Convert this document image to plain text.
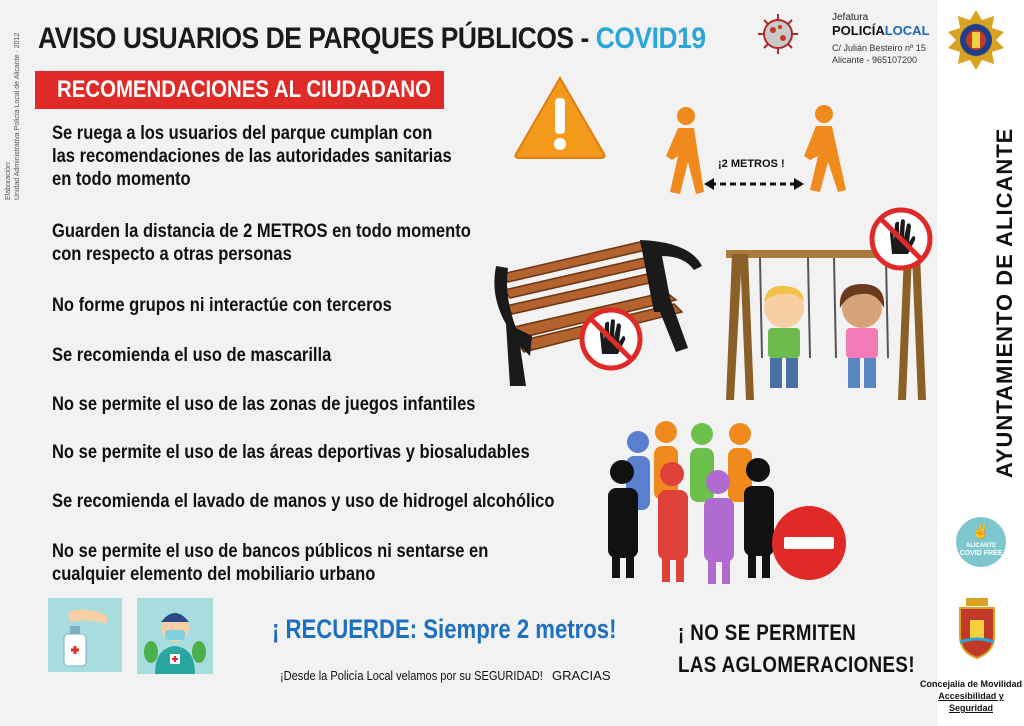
AVISO USUARIOS DE PARQUES PÚBLICOS - COVID19
RECOMENDACIONES AL CIUDADANO
Elaboración: Unidad Administrativa Policía Local de Alicante · 2012 Se ruega a los usuarios del parque cumplan con
las recomendaciones de las autoridades sanitarias
en todo momento
Guarden la distancia de 2 METROS en todo momento
con respecto a otras personas
No forme grupos ni interactúe con terceros
Se recomienda el uso de mascarilla
No se permite el uso de las zonas de juegos infantiles
No se permite el uso de las áreas deportivas y biosaludables
Se recomienda el lavado de manos y uso de hidrogel alcohólico
No se permite el uso de bancos públicos ni sentarse en
cualquier elemento del mobiliario urbano
Jefatura
POLICÍALOCAL
C/ Julián Besteiro nº 15
Alicante - 965107200
¡2 METROS !
¡ RECUERDE: Siempre 2 metros!
¡Desde la Policía Local velamos por su SEGURIDAD! GRACIAS
¡ NO SE PERMITEN
LAS AGLOMERACIONES!
AYUNTAMIENTO DE ALICANTE
✌
ALICANTE
COVID FREE
Concejalía de Movilidad
Accesibilidad y Seguridad
